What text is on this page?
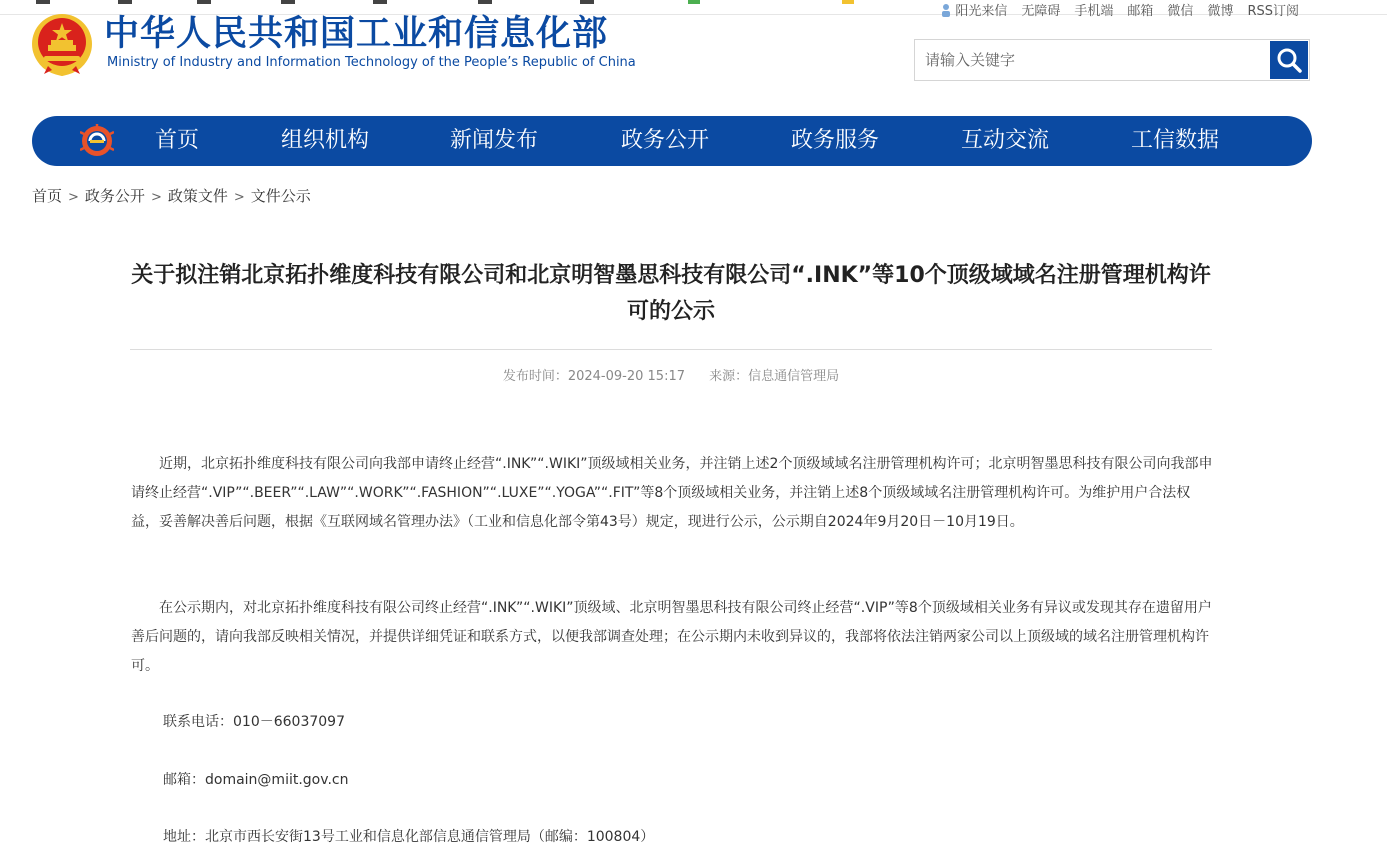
阳光来信 无障碍 手机端 邮箱 微信 微博 RSS订阅
中华人民共和国工业和信息化部
Ministry of Industry and Information Technology of the People’s Republic of China
请输入关键字
首页	组织机构	新闻发布	政务公开	政务服务	互动交流	工信数据
首页 > 政务公开 > 政策文件 > 文件公示
关于拟注销北京拓扑维度科技有限公司和北京明智墨思科技有限公司“.INK”等10个顶级域域名注册管理机构许可的公示
发布时间：2024-09-20 15:17 来源：信息通信管理局

近期，北京拓扑维度科技有限公司向我部申请终止经营“.INK”“.WIKI”顶级域相关业务，并注销上述2个顶级域域名注册管理机构许可；北京明智墨思科技有限公司向我部申请终止经营“.VIP”“.BEER”“.LAW”“.WORK”“.FASHION”“.LUXE”“.YOGA”“.FIT”等8个顶级域相关业务，并注销上述8个顶级域域名注册管理机构许可。为维护用户合法权益，妥善解决善后问题，根据《互联网域名管理办法》（工业和信息化部令第43号）规定，现进行公示，公示期自2024年9月20日－10月19日。

在公示期内，对北京拓扑维度科技有限公司终止经营“.INK”“.WIKI”顶级域、北京明智墨思科技有限公司终止经营“.VIP”等8个顶级域相关业务有异议或发现其存在遗留用户善后问题的，请向我部反映相关情况，并提供详细凭证和联系方式，以便我部调查处理；在公示期内未收到异议的，我部将依法注销两家公司以上顶级域的域名注册管理机构许可。

联系电话：010－66037097
邮箱：domain@miit.gov.cn
地址：北京市西长安街13号工业和信息化部信息通信管理局（邮编：100804）
